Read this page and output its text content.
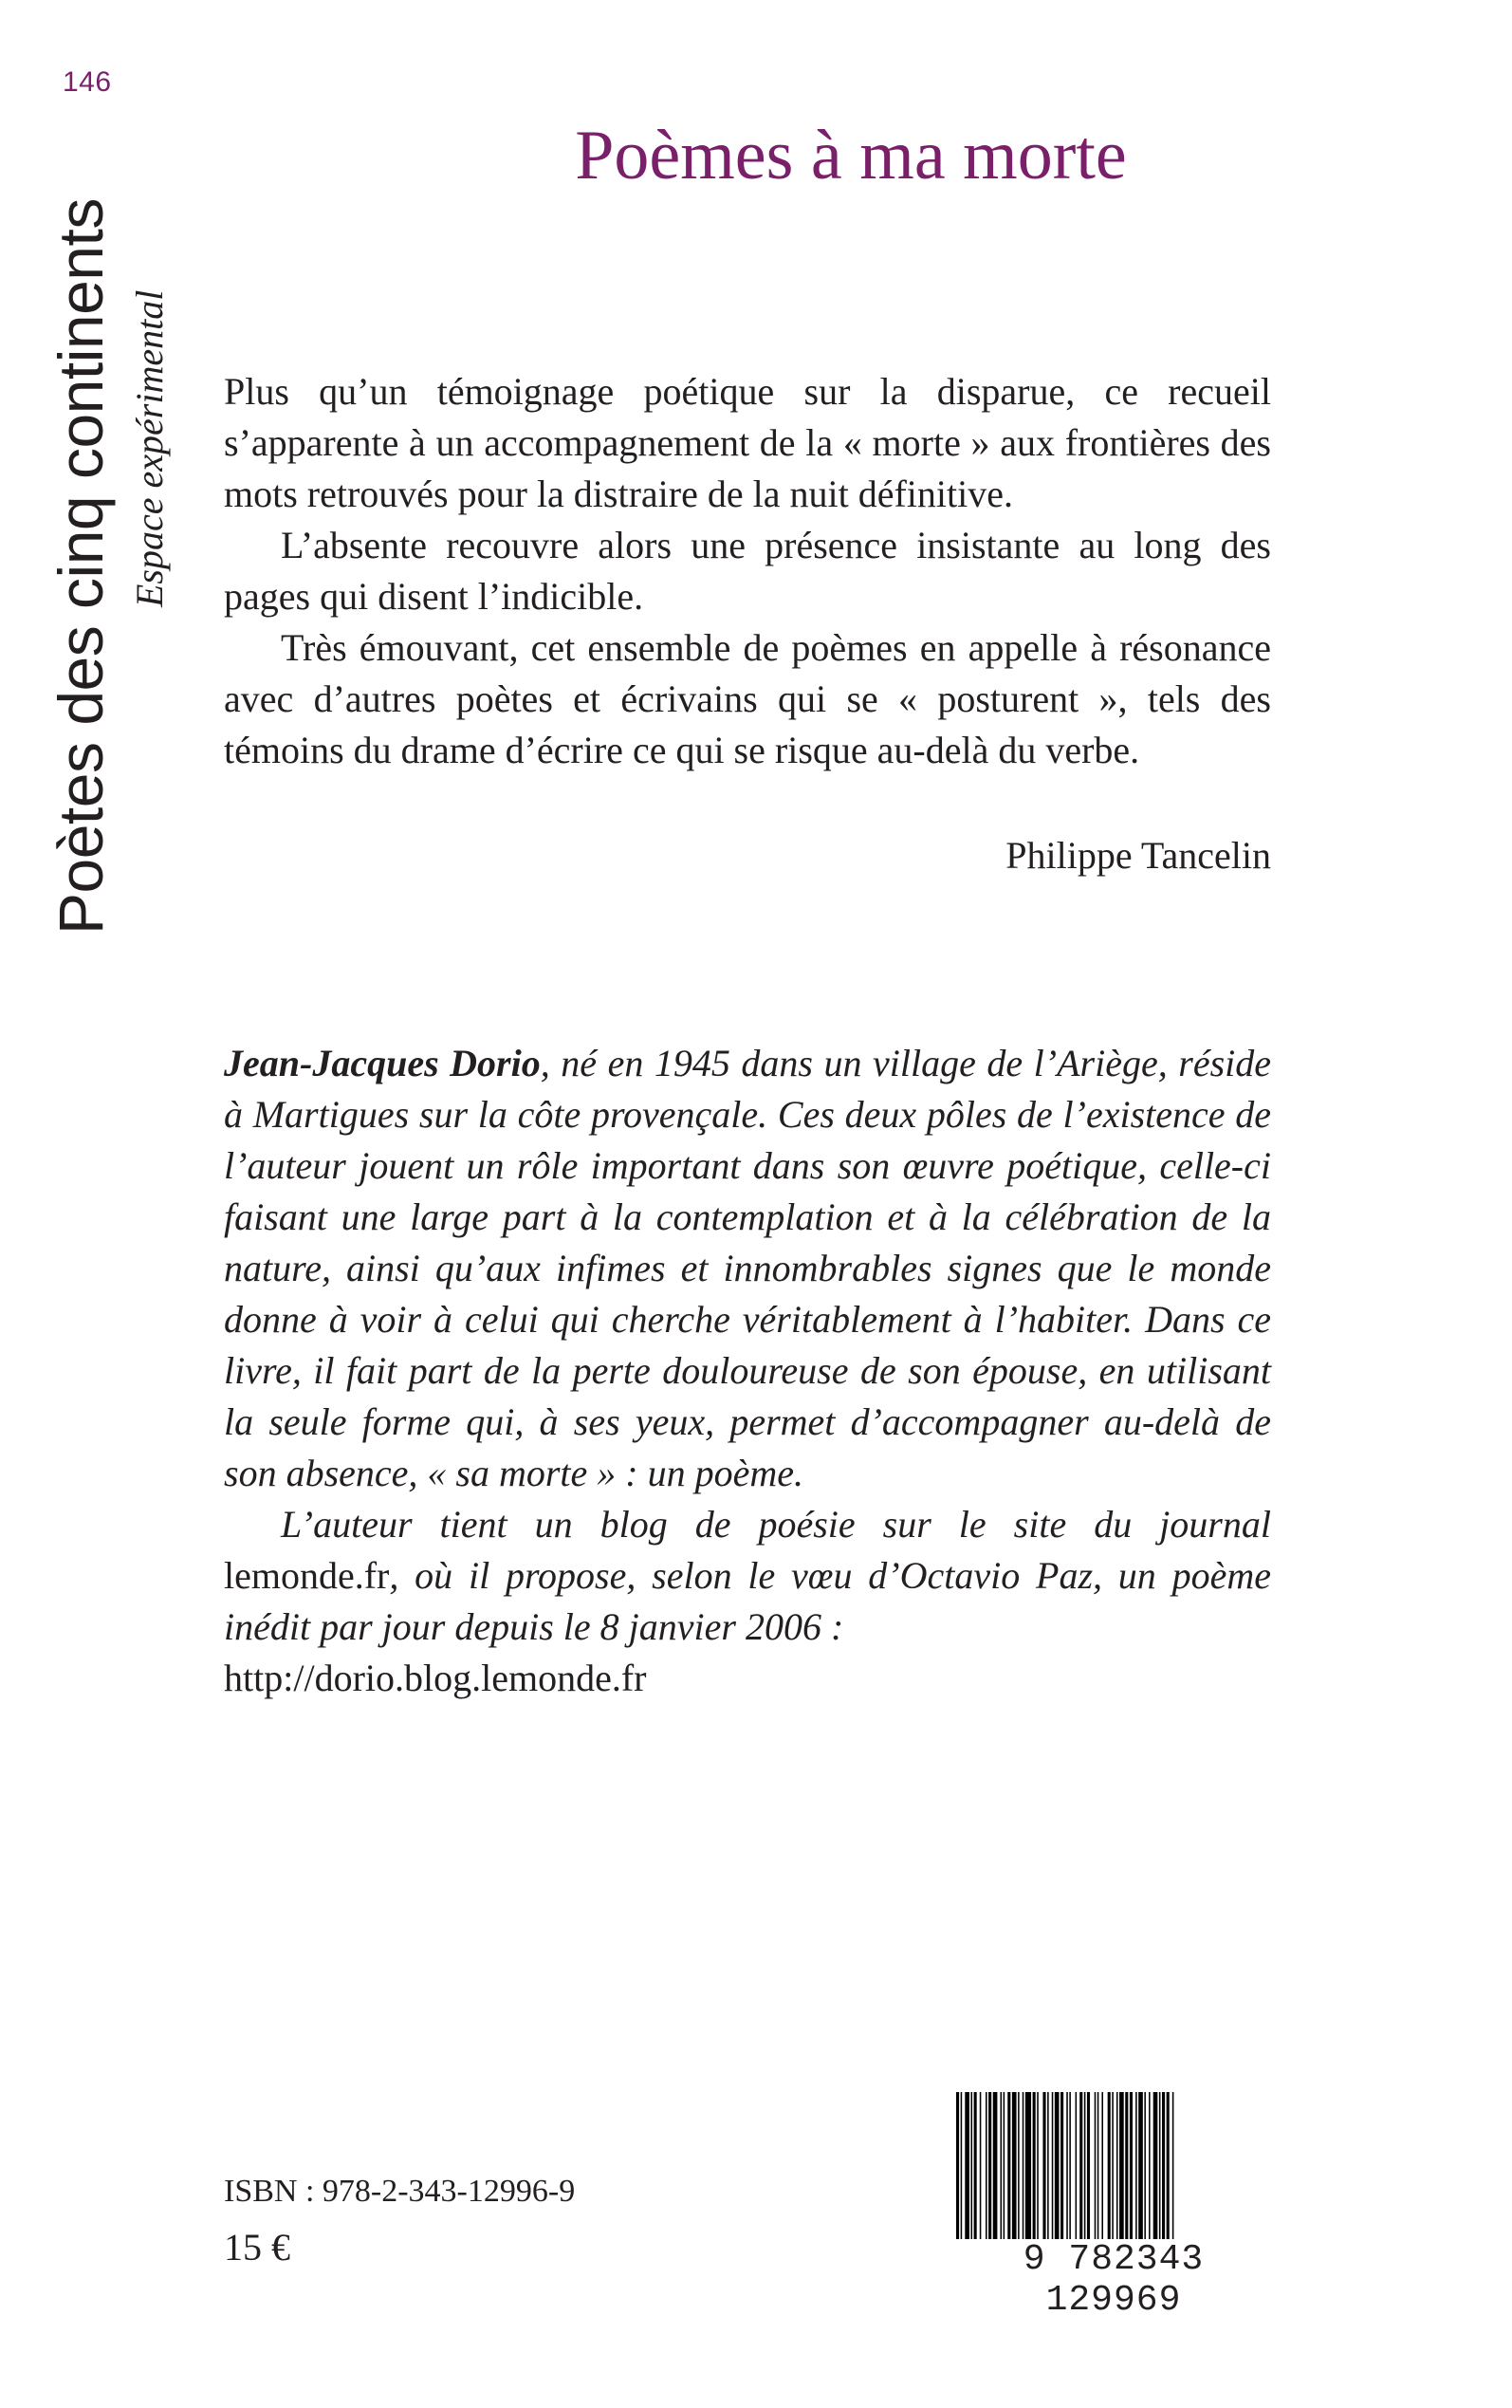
146
Poètes des cinq continents Espace expérimental
Poèmes à ma morte

Plus qu’un témoignage poétique sur la disparue, ce recueil s’apparente à un accompagnement de la « morte » aux frontières des mots retrouvés pour la distraire de la nuit définitive.

L’absente recouvre alors une présence insistante au long des pages qui disent l’indicible.

Très émouvant, cet ensemble de poèmes en appelle à résonance avec d’autres poètes et écrivains qui se « posturent », tels des témoins du drame d’écrire ce qui se risque au-delà du verbe.

Philippe Tancelin

Jean-Jacques Dorio, né en 1945 dans un village de l’Ariège, réside à Martigues sur la côte provençale. Ces deux pôles de l’existence de l’auteur jouent un rôle important dans son œuvre poétique, celle-ci faisant une large part à la contemplation et à la célébration de la nature, ainsi qu’aux infimes et innombrables signes que le monde donne à voir à celui qui cherche véritablement à l’habiter. Dans ce livre, il fait part de la perte douloureuse de son épouse, en utilisant la seule forme qui, à ses yeux, permet d’accompagner au-delà de son absence, « sa morte » : un poème.

L’auteur tient un blog de poésie sur le site du journal lemonde.fr, où il propose, selon le vœu d’Octavio Paz, un poème inédit par jour depuis le 8 janvier 2006 :
http://dorio.blog.lemonde.fr

ISBN : 978-2-343-12996-9
15 €	9 782343 129969
